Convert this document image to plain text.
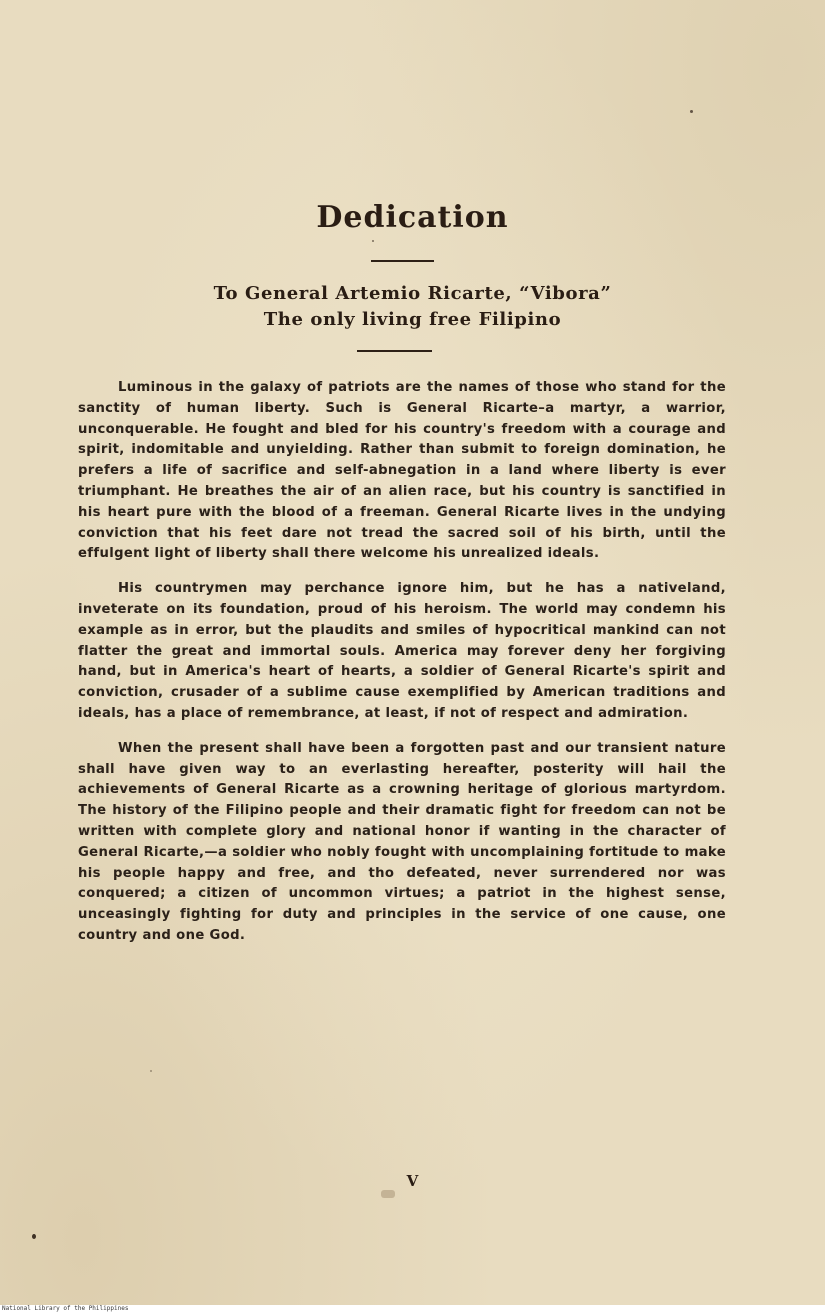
Dedication
To General Artemio Ricarte, “Vibora”
The only living free Filipino

Luminous in the galaxy of patriots are the names of those who stand for the sanctity of human liberty. Such is General Ricarte–a martyr, a warrior, unconquerable. He fought and bled for his country's freedom with a courage and spirit, indomitable and unyielding. Rather than submit to foreign domination, he prefers a life of sacrifice and self-abnegation in a land where liberty is ever triumphant. He breathes the air of an alien race, but his country is sanctified in his heart pure with the blood of a freeman. General Ricarte lives in the undying conviction that his feet dare not tread the sacred soil of his birth, until the effulgent light of liberty shall there welcome his unrealized ideals.

His countrymen may perchance ignore him, but he has a nativeland, inveterate on its foundation, proud of his heroism. The world may condemn his example as in error, but the plaudits and smiles of hypocritical mankind can not flatter the great and immortal souls. America may forever deny her forgiving hand, but in America's heart of hearts, a soldier of General Ricarte's spirit and conviction, crusader of a sublime cause exemplified by American traditions and ideals, has a place of remembrance, at least, if not of respect and admiration.

When the present shall have been a forgotten past and our transient nature shall have given way to an everlasting hereafter, posterity will hail the achievements of General Ricarte as a crowning heritage of glorious martyrdom. The history of the Filipino people and their dramatic fight for freedom can not be written with complete glory and national honor if wanting in the character of General Ricarte,—a soldier who nobly fought with uncomplaining fortitude to make his people happy and free, and tho defeated, never surrendered nor was conquered; a citizen of uncommon virtues; a patriot in the highest sense, unceasingly fighting for duty and principles in the service of one cause, one country and one God.

V
National Library of the Philippines
